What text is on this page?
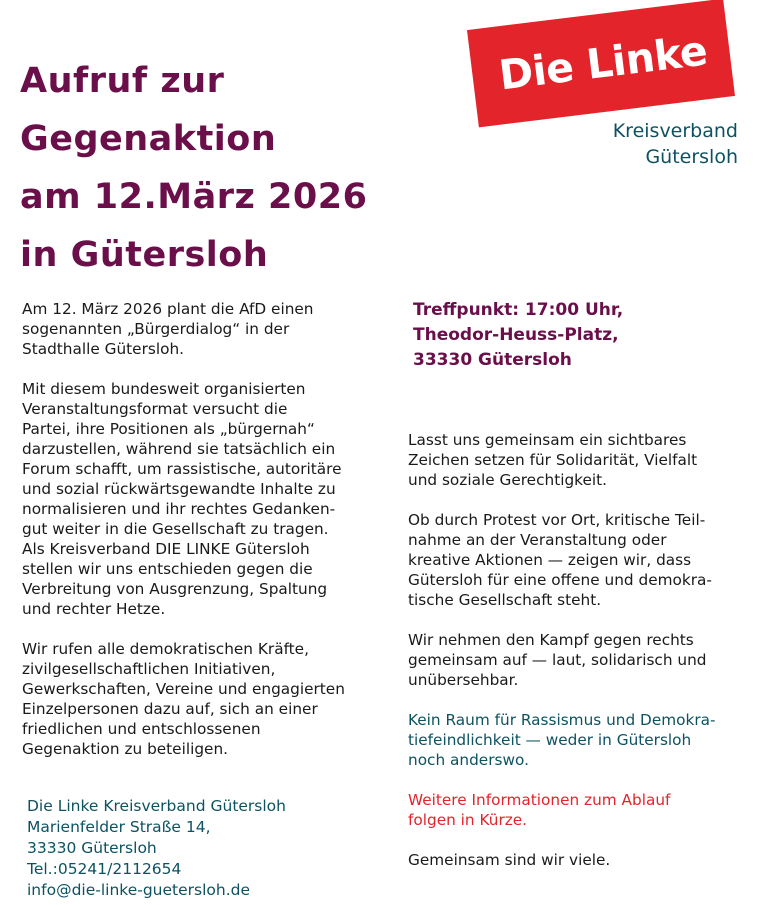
Aufruf zur
Gegenaktion
am 12.März 2026
in Gütersloh
Die Linke
Kreisverband
Gütersloh
Treffpunkt: 17:00 Uhr,
Theodor-Heuss-Platz,
33330 Gütersloh
Am 12. März 2026 plant die AfD einen
sogenannten „Bürgerdialog“ in der
Stadthalle Gütersloh.
Mit diesem bundesweit organisierten
Veranstaltungsformat versucht die
Partei, ihre Positionen als „bürgernah“
darzustellen, während sie tatsächlich ein
Forum schafft, um rassistische, autoritäre
und sozial rückwärtsgewandte Inhalte zu
normalisieren und ihr rechtes Gedanken-
gut weiter in die Gesellschaft zu tragen.
Als Kreisverband DIE LINKE Gütersloh
stellen wir uns entschieden gegen die
Verbreitung von Ausgrenzung, Spaltung
und rechter Hetze.
Wir rufen alle demokratischen Kräfte,
zivilgesellschaftlichen Initiativen,
Gewerkschaften, Vereine und engagierten
Einzelpersonen dazu auf, sich an einer
friedlichen und entschlossenen
Gegenaktion zu beteiligen.
Die Linke Kreisverband Gütersloh
Marienfelder Straße 14,
33330 Gütersloh
Tel.:05241/2112654
info@die-linke-guetersloh.de
Lasst uns gemeinsam ein sichtbares
Zeichen setzen für Solidarität, Vielfalt
und soziale Gerechtigkeit.
Ob durch Protest vor Ort, kritische Teil-
nahme an der Veranstaltung oder
kreative Aktionen — zeigen wir, dass
Gütersloh für eine offene und demokra-
tische Gesellschaft steht.
Wir nehmen den Kampf gegen rechts
gemeinsam auf — laut, solidarisch und
unübersehbar.
Kein Raum für Rassismus und Demokra-
tiefeindlichkeit — weder in Gütersloh
noch anderswo.
Weitere Informationen zum Ablauf
folgen in Kürze.
Gemeinsam sind wir viele.
